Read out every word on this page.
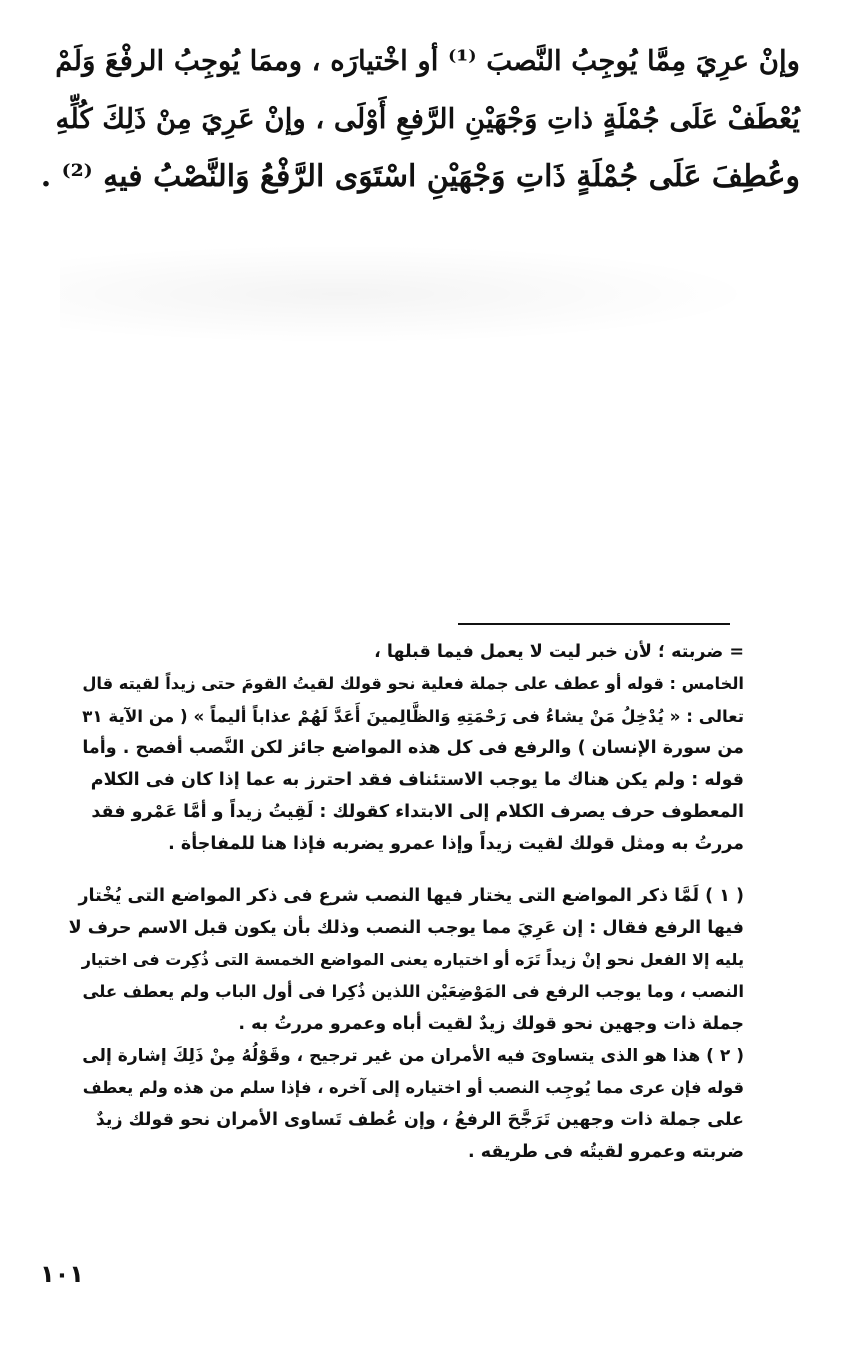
وإنْ عرِيَ مِمَّا يُوجِبُ النَّصبَ ⁽¹⁾ أو اخْتيارَه ، وممَا يُوجِبُ الرفْعَ وَلَمْ
يُعْطَفْ عَلَى جُمْلَةٍ ذاتِ وَجْهَيْنِ الرَّفعِ أَوْلَى ، وإنْ عَرِيَ مِنْ ذَلِكَ كُلِّهِ
وعُطِفَ عَلَى جُمْلَةٍ ذَاتِ وَجْهَيْنِ اسْتَوَى الرَّفْعُ وَالنَّصْبُ فيهِ ⁽²⁾ .
= ضربته ؛ لأن خبر ليت لا يعمل فيما قبلها ،
الخامس : قوله أو عطف على جملة فعلية نحو قولك لقيتُ القومَ حتى زيداً لقيته قال
تعالى : « يُدْخِلُ مَنْ يشاءُ فى رَحْمَتِهِ وَالظَّالِمينَ أَعَدَّ لَهُمْ عذاباً أليماً » ( من الآية ٣١
من سورة الإنسان ) والرفع فى كل هذه المواضع جائز لكن النَّصب أفصح . وأما
قوله : ولم يكن هناك ما يوجب الاستئناف فقد احترز به عما إذا كان فى الكلام
المعطوف حرف يصرف الكلام إلى الابتداء كقولك : لَقِيتُ زيداً و أمَّا عَمْرو فقد
مررتُ به ومثل قولك لقيت زيداً وإذا عمرو يضربه فإذا هنا للمفاجأة .
( ١ ) لَمَّا ذكر المواضع التى يختار فيها النصب شرع فى ذكر المواضع التى يُخْتار
فيها الرفع فقال : إن عَرِيَ مما يوجب النصب وذلك بأن يكون قبل الاسم حرف لا
يليه إلا الفعل نحو إنْ زيداً تَرَه أو اختياره يعنى المواضع الخمسة التى ذُكِرت فى اختيار
النصب ، وما يوجب الرفع فى المَوْضِعَيْن اللذين ذُكِرا فى أول الباب ولم يعطف على
جملة ذات وجهين نحو قولك زيدٌ لقيت أباه وعمرو مررتُ به .
( ٢ ) هذا هو الذى يتساوىَ فيه الأمران من غير ترجيح ، وقَوْلُهُ مِنْ ذَلِكَ إشارة إلى
قوله فإن عرى مما يُوجِب النصب أو اختياره إلى آخره ، فإذا سلم من هذه ولم يعطف
على جملة ذات وجهين تَرَجَّحَ الرفعُ ، وإن عُطف تَساوى الأمران نحو قولك زيدٌ
ضربته وعمرو لقيتُه فى طريقه .
١٠١
